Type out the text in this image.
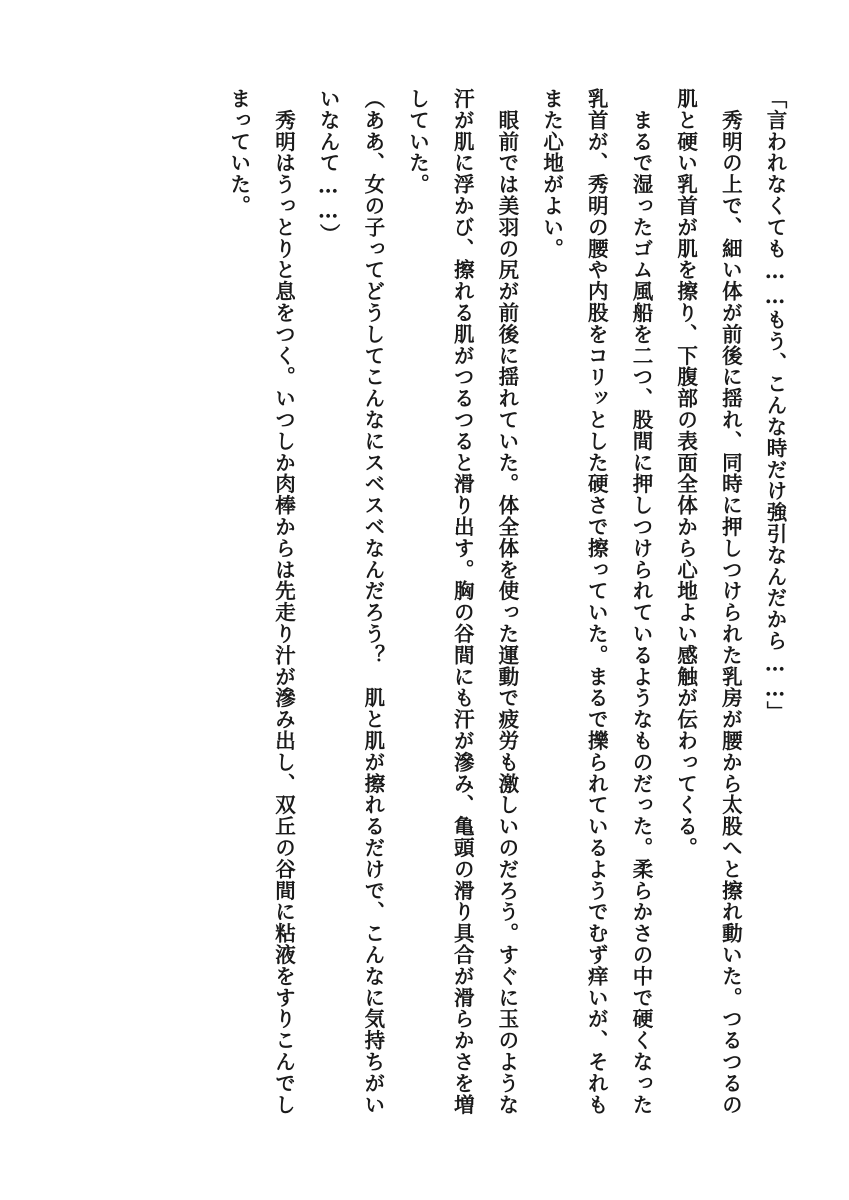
「言われなくても……もう、こんな時だけ強引なんだから……」

　秀明の上で、細い体が前後に揺れ、同時に押しつけられた乳房が腰から太股へと擦れ動いた。つるつるの肌と硬い乳首が肌を擦り、下腹部の表面全体から心地よい感触が伝わってくる。

　まるで湿ったゴム風船を二つ、股間に押しつけられているようなものだった。柔らかさの中で硬くなった乳首が、秀明の腰や内股をコリッとした硬さで擦っていた。まるで擽られているようでむず痒いが、それもまた心地がよい。

　眼前では美羽の尻が前後に揺れていた。体全体を使った運動で疲労も激しいのだろう。すぐに玉のような汗が肌に浮かび、擦れる肌がつるつると滑り出す。胸の谷間にも汗が滲み、亀頭の滑り具合が滑らかさを増していた。

（ああ、女の子ってどうしてこんなにスベスベなんだろう？　肌と肌が擦れるだけで、こんなに気持ちがいいなんて……）

　秀明はうっとりと息をつく。いつしか肉棒からは先走り汁が滲み出し、双丘の谷間に粘液をすりこんでしまっていた。
